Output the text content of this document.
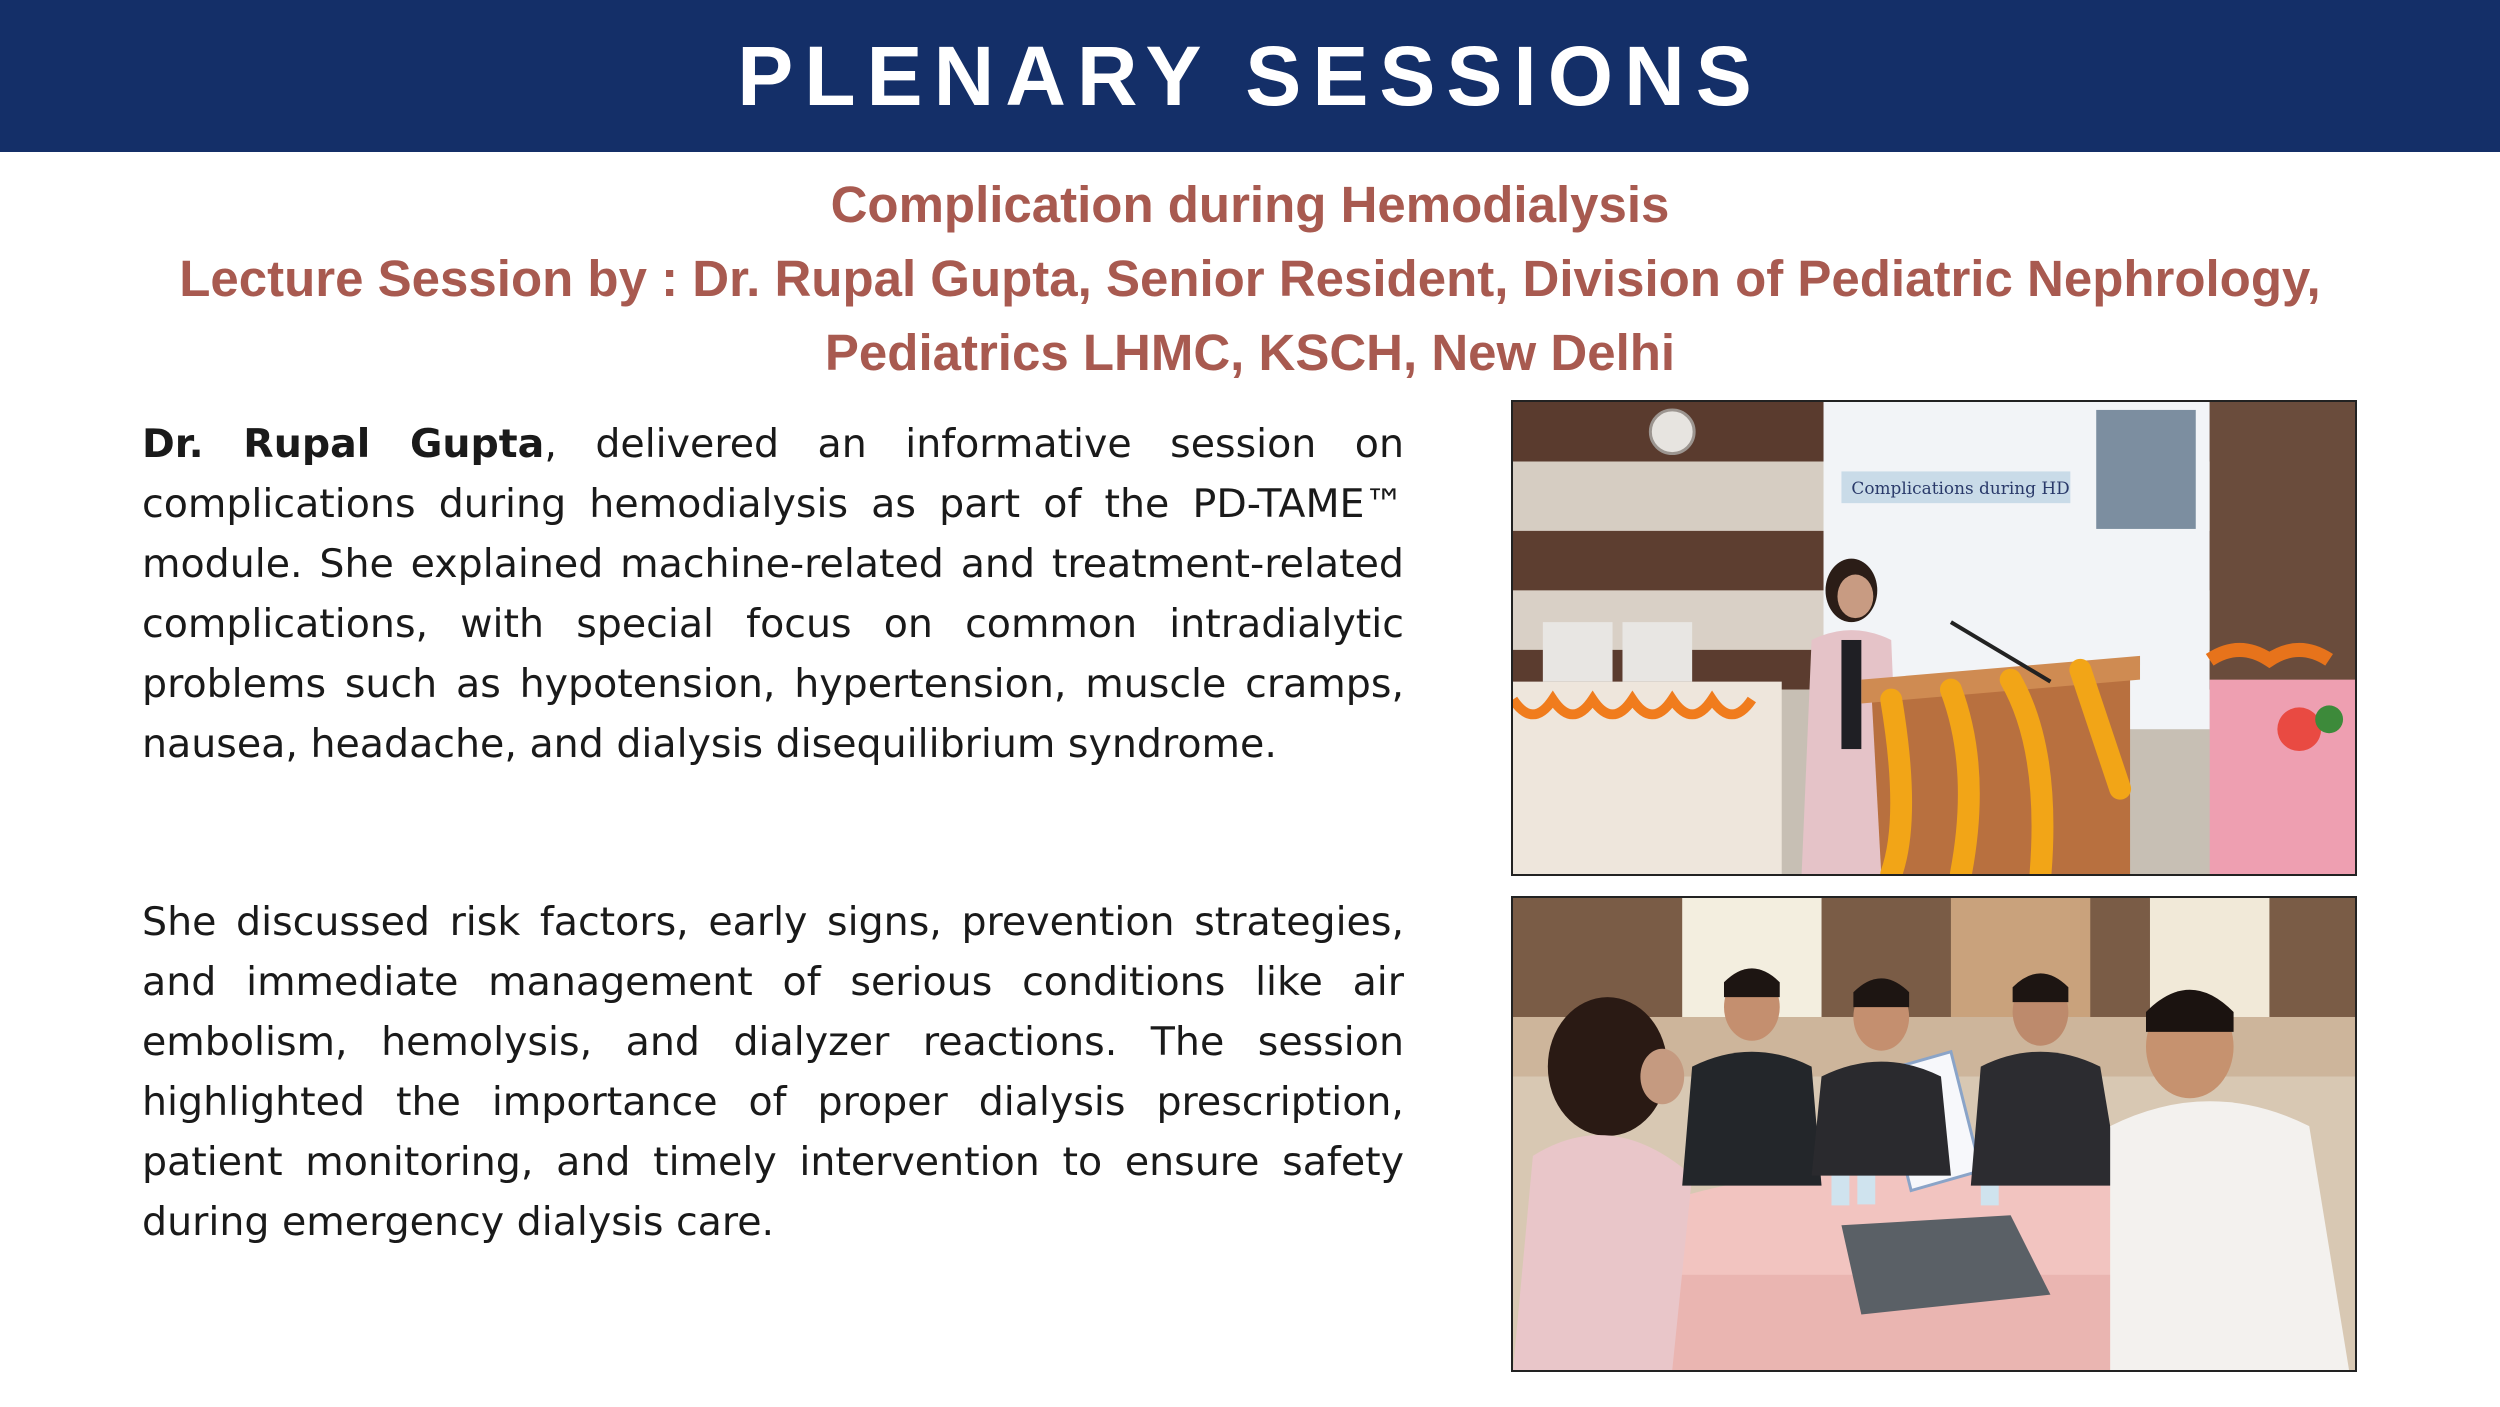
PLENARY SESSIONS
Complication during Hemodialysis
Lecture Session by : Dr. Rupal Gupta, Senior Resident, Division of Pediatric Nephrology,
Pediatrics LHMC, KSCH, New Delhi
Dr. Rupal Gupta, delivered an informative session on complications during hemodialysis as part of the PD-TAME™ module. She explained machine-related and treatment-related complications, with special focus on common intradialytic problems such as hypotension, hypertension, muscle cramps, nausea, headache, and dialysis disequilibrium syndrome.
She discussed risk factors, early signs, prevention strategies, and immediate management of serious conditions like air embolism, hemolysis, and dialyzer reactions. The session highlighted the importance of proper dialysis prescription, patient monitoring, and timely intervention to ensure safety during emergency dialysis care.
Complications during HD
